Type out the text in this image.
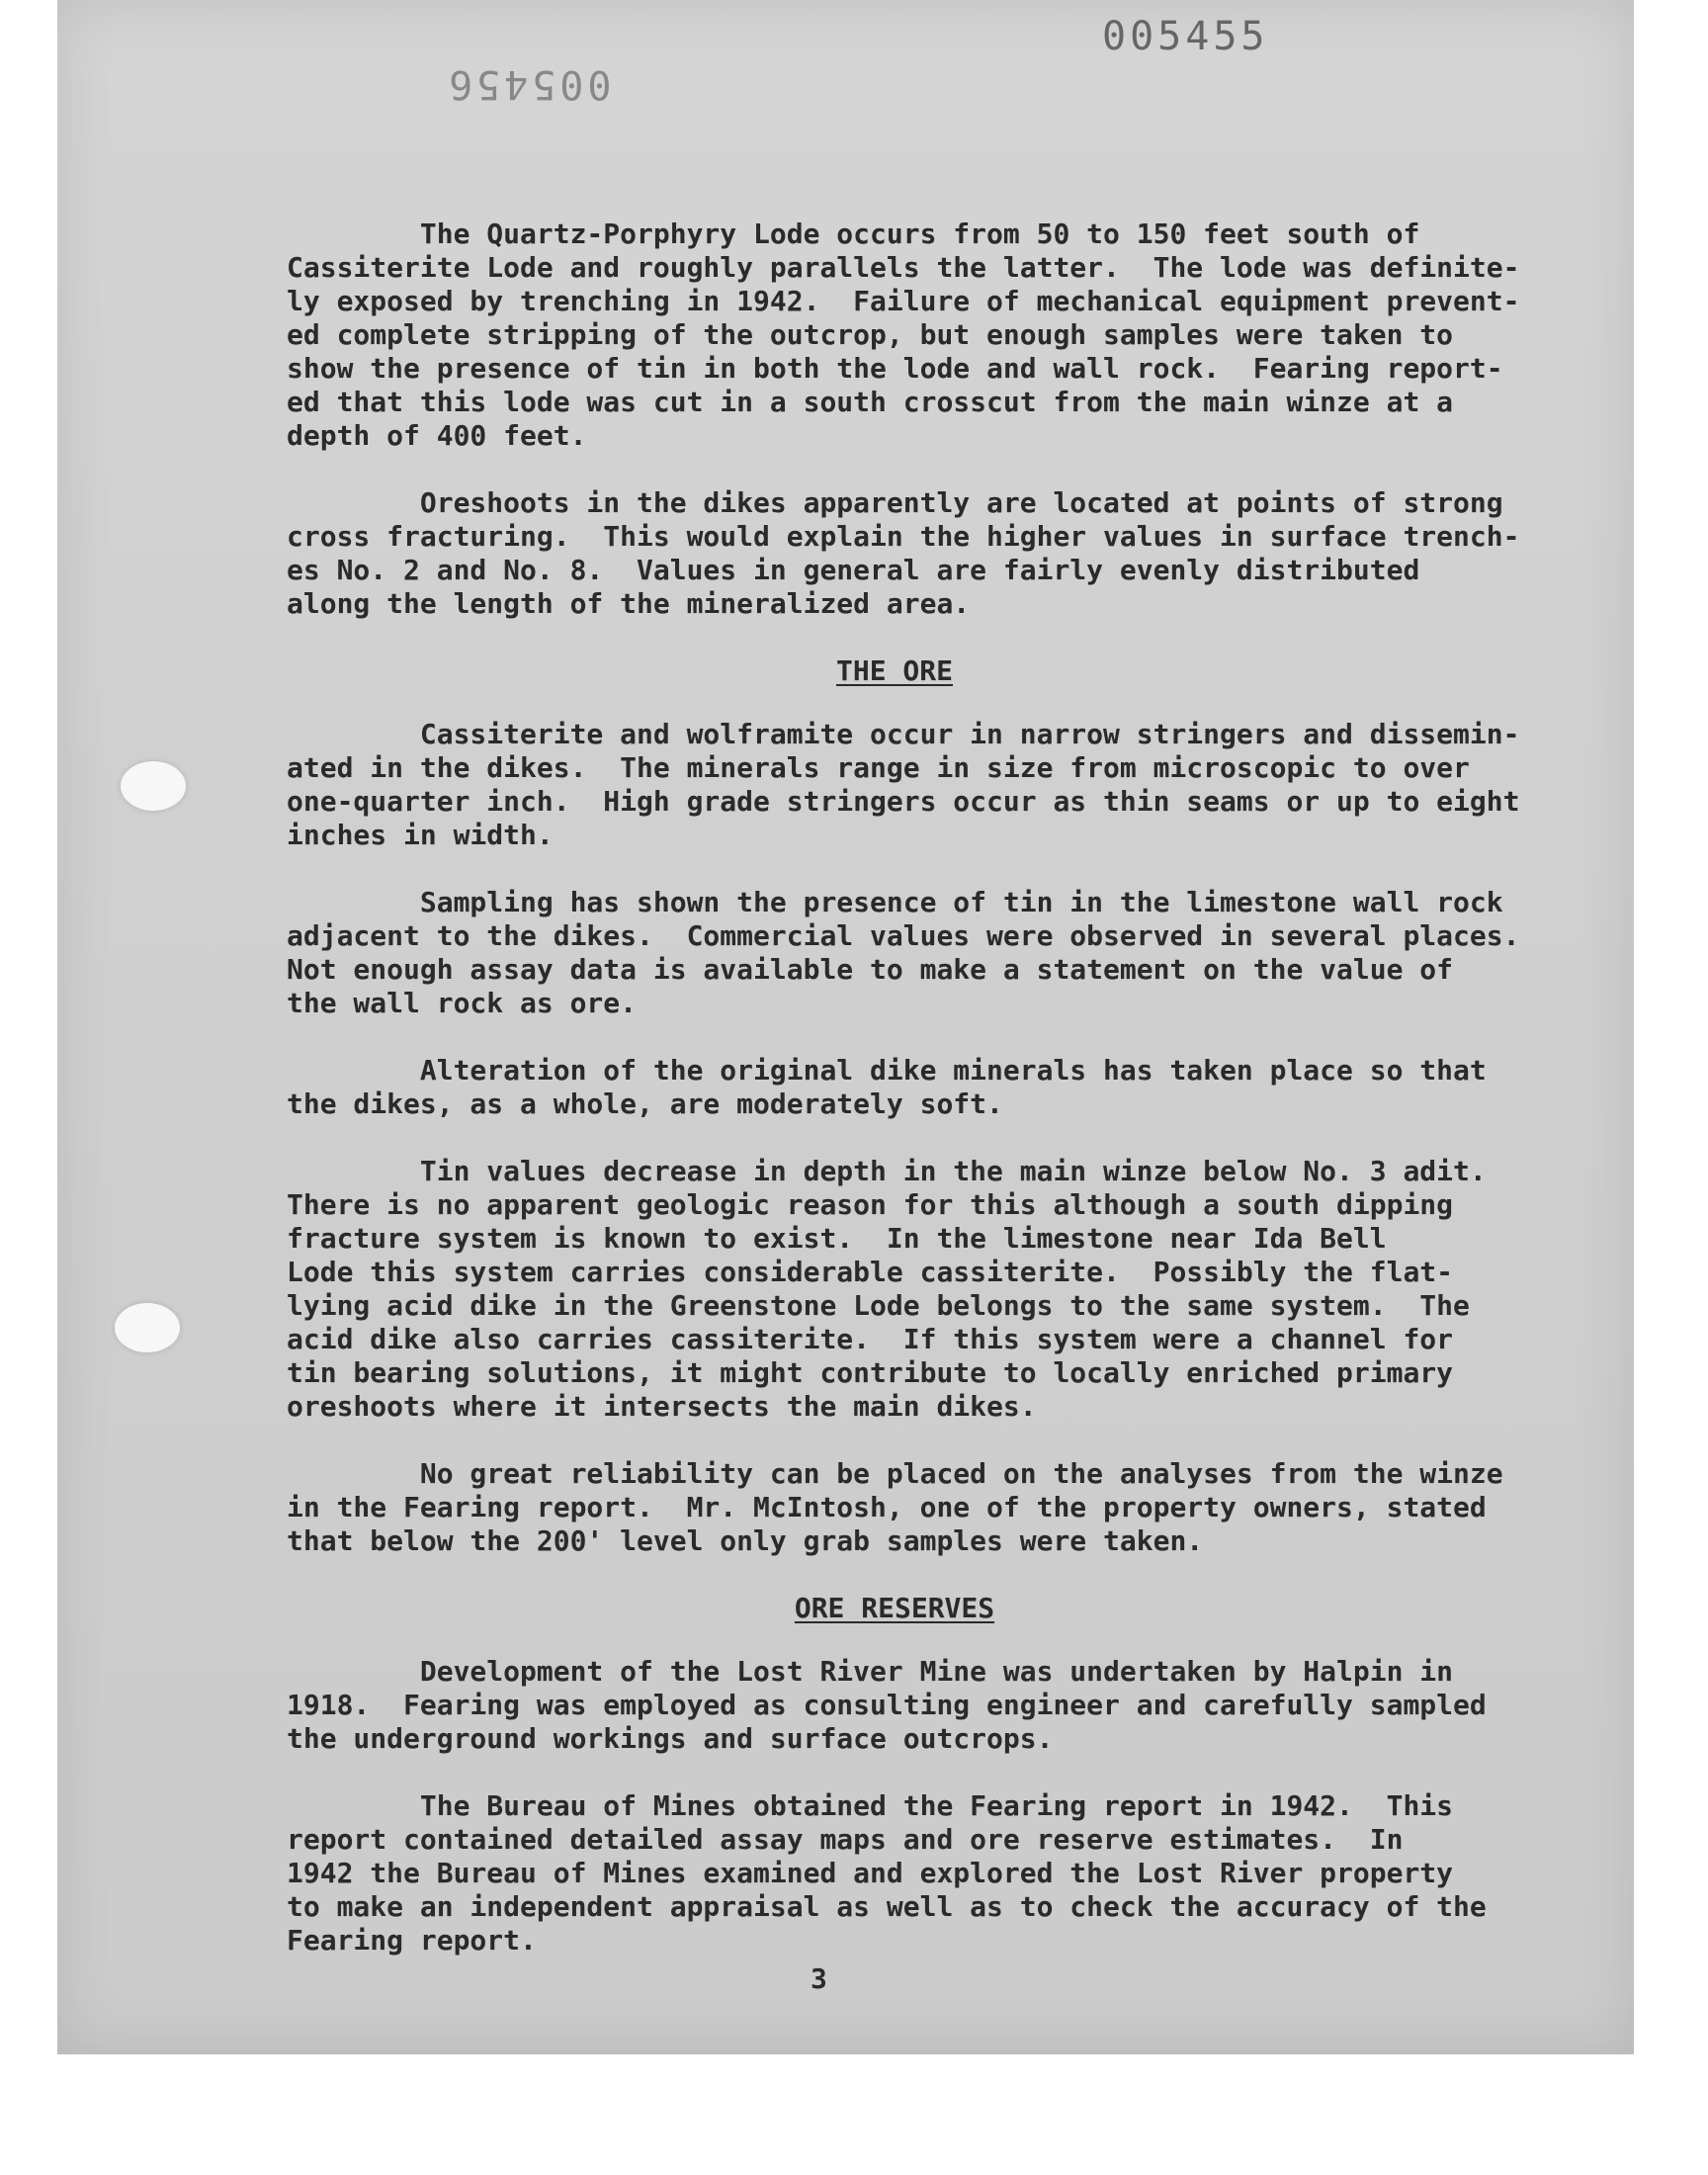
005455
005456

The Quartz-Porphyry Lode occurs from 50 to 150 feet south of
Cassiterite Lode and roughly parallels the latter.  The lode was definite-
ly exposed by trenching in 1942.  Failure of mechanical equipment prevent-
ed complete stripping of the outcrop, but enough samples were taken to
show the presence of tin in both the lode and wall rock.  Fearing report-
ed that this lode was cut in a south crosscut from the main winze at a
depth of 400 feet.

Oreshoots in the dikes apparently are located at points of strong
cross fracturing.  This would explain the higher values in surface trench-
es No. 2 and No. 8.  Values in general are fairly evenly distributed
along the length of the mineralized area.

THE ORE

Cassiterite and wolframite occur in narrow stringers and dissemin-
ated in the dikes.  The minerals range in size from microscopic to over
one-quarter inch.  High grade stringers occur as thin seams or up to eight
inches in width.

Sampling has shown the presence of tin in the limestone wall rock
adjacent to the dikes.  Commercial values were observed in several places.
Not enough assay data is available to make a statement on the value of
the wall rock as ore.

Alteration of the original dike minerals has taken place so that
the dikes, as a whole, are moderately soft.

Tin values decrease in depth in the main winze below No. 3 adit.
There is no apparent geologic reason for this although a south dipping
fracture system is known to exist.  In the limestone near Ida Bell
Lode this system carries considerable cassiterite.  Possibly the flat-
lying acid dike in the Greenstone Lode belongs to the same system.  The
acid dike also carries cassiterite.  If this system were a channel for
tin bearing solutions, it might contribute to locally enriched primary
oreshoots where it intersects the main dikes.

No great reliability can be placed on the analyses from the winze
in the Fearing report.  Mr. McIntosh, one of the property owners, stated
that below the 200' level only grab samples were taken.

ORE RESERVES

Development of the Lost River Mine was undertaken by Halpin in
1918.  Fearing was employed as consulting engineer and carefully sampled
the underground workings and surface outcrops.

The Bureau of Mines obtained the Fearing report in 1942.  This
report contained detailed assay maps and ore reserve estimates.  In
1942 the Bureau of Mines examined and explored the Lost River property
to make an independent appraisal as well as to check the accuracy of the
Fearing report.

3
